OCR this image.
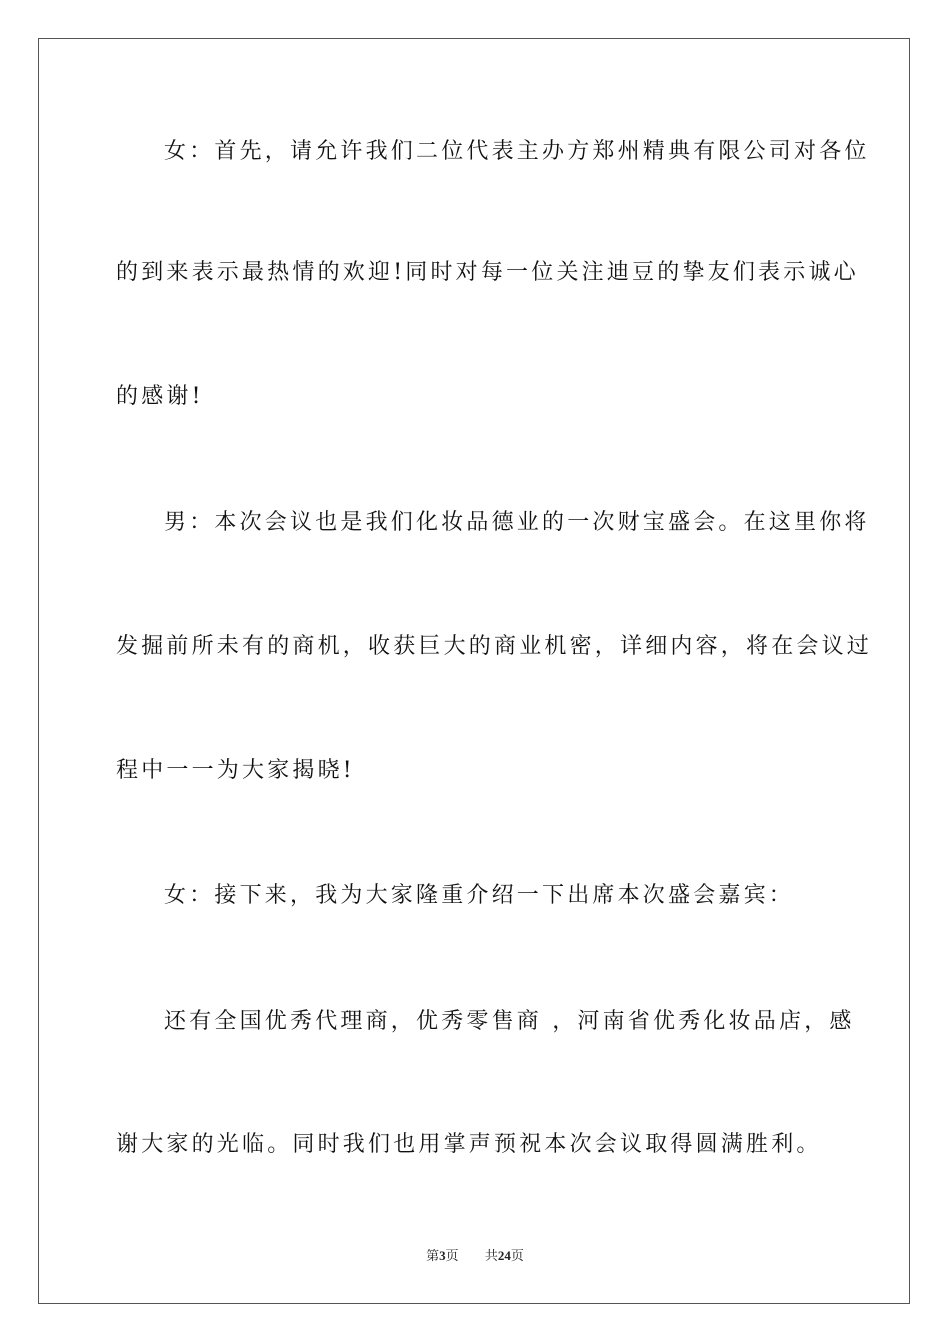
女：首先，请允许我们二位代表主办方郑州精典有限公司对各位
的到来表示最热情的欢迎!同时对每一位关注迪豆的挚友们表示诚心
的感谢!
男：本次会议也是我们化妆品德业的一次财宝盛会。在这里你将
发掘前所未有的商机，收获巨大的商业机密，详细内容，将在会议过
程中一一为大家揭晓!
女：接下来，我为大家隆重介绍一下出席本次盛会嘉宾：
还有全国优秀代理商，优秀零售商 ，河南省优秀化妆品店，感
谢大家的光临。同时我们也用掌声预祝本次会议取得圆满胜利。
第3页 共24页
